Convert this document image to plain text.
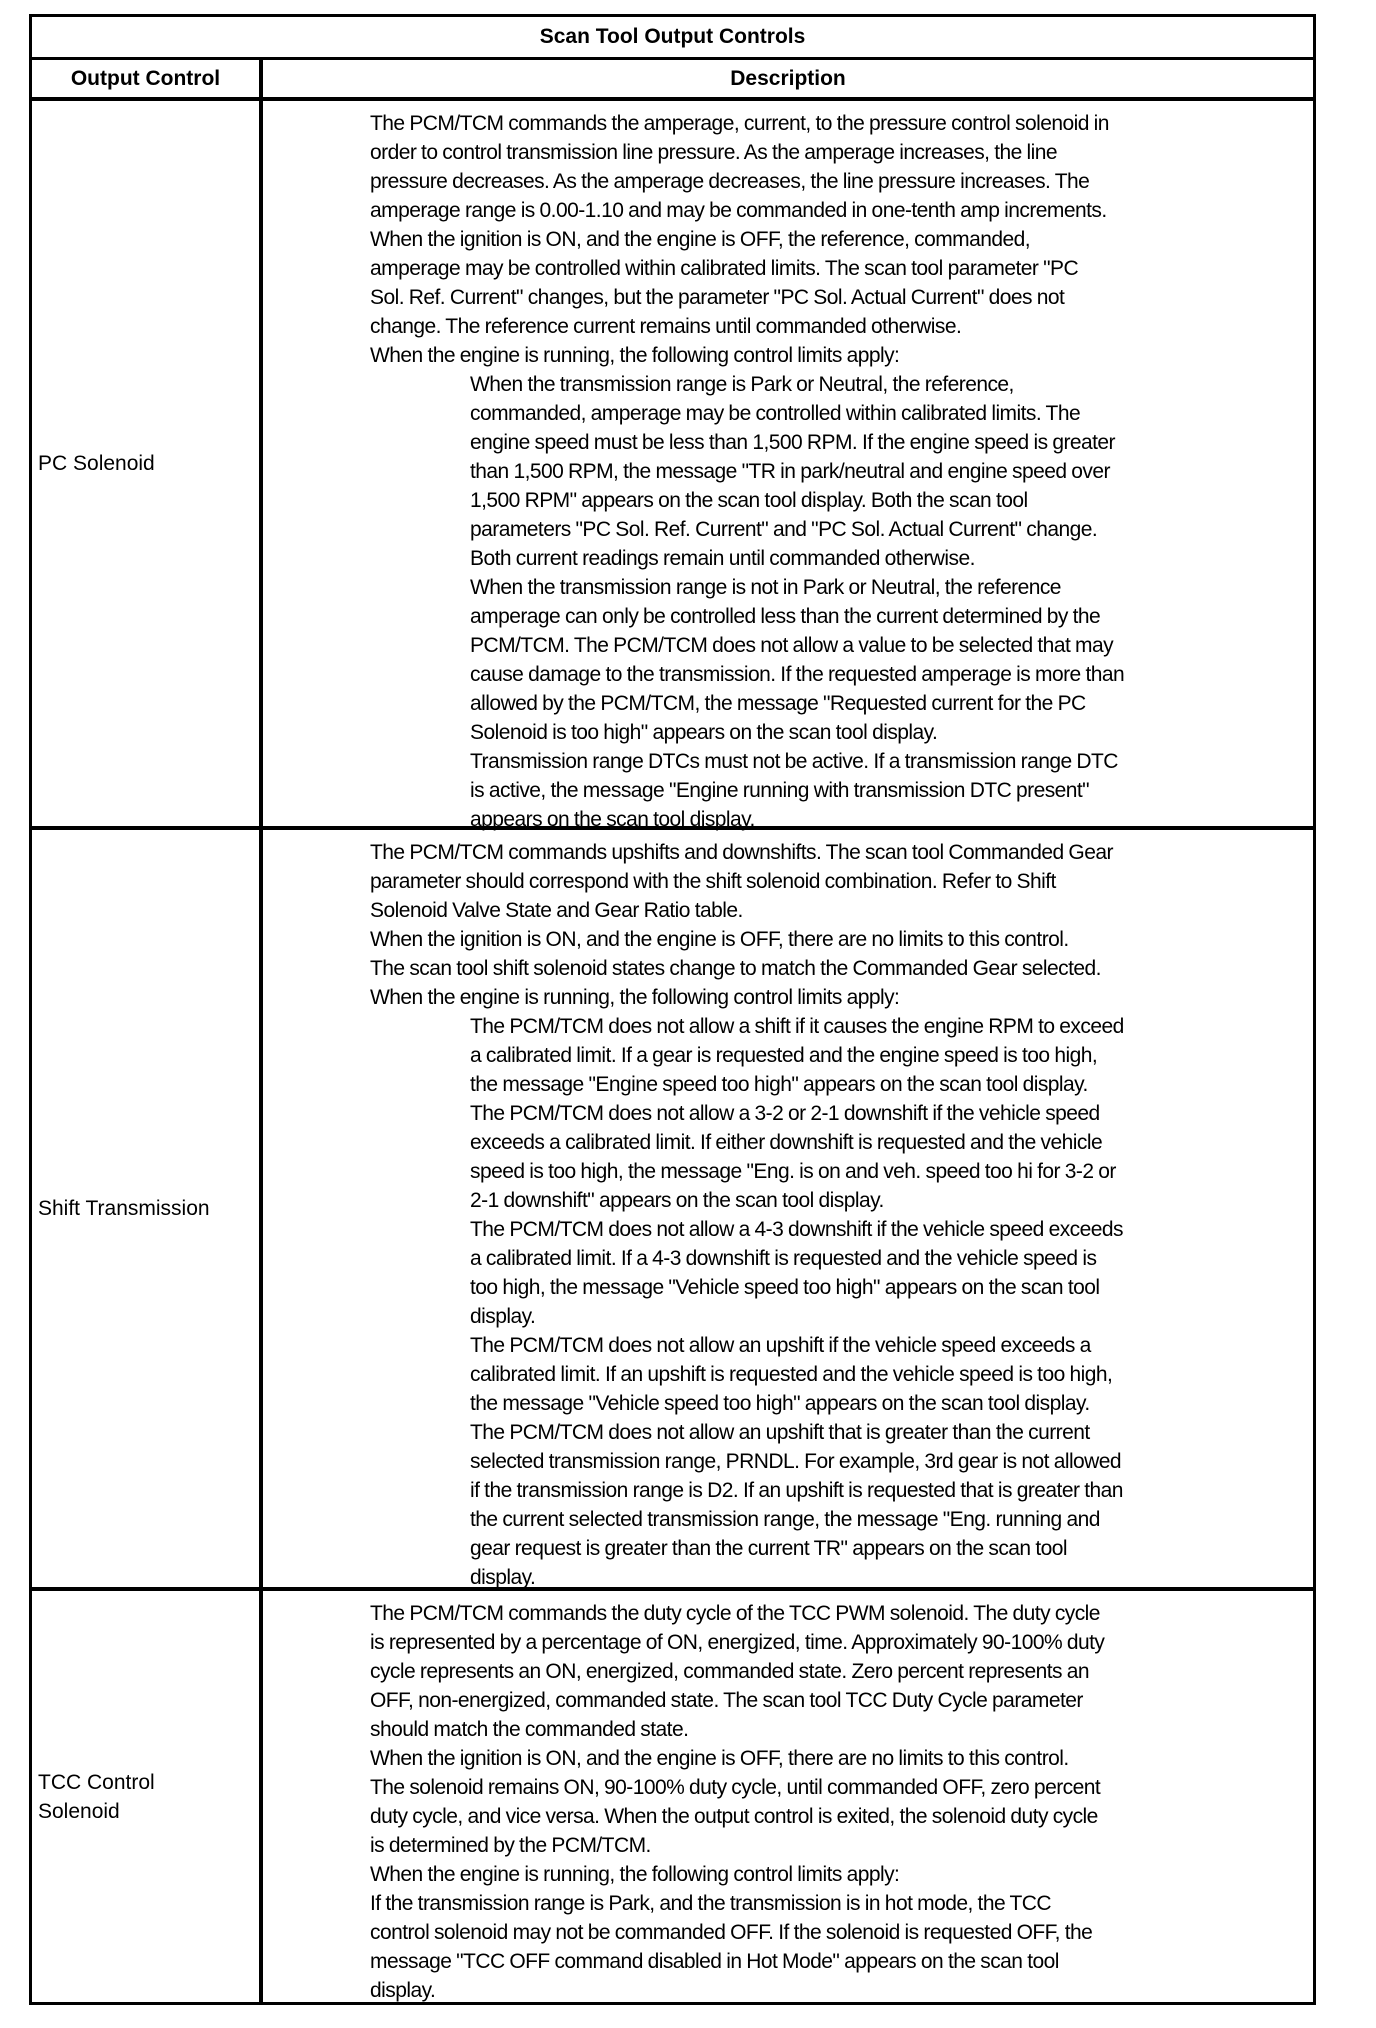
Scan Tool Output Controls
Output Control	Description
PC Solenoid
The PCM/TCM commands the amperage, current, to the pressure control solenoid in
order to control transmission line pressure. As the amperage increases, the line
pressure decreases. As the amperage decreases, the line pressure increases. The
amperage range is 0.00-1.10 and may be commanded in one-tenth amp increments.
When the ignition is ON, and the engine is OFF, the reference, commanded,
amperage may be controlled within calibrated limits. The scan tool parameter "PC
Sol. Ref. Current" changes, but the parameter "PC Sol. Actual Current" does not
change. The reference current remains until commanded otherwise.
When the engine is running, the following control limits apply:
When the transmission range is Park or Neutral, the reference,
commanded, amperage may be controlled within calibrated limits. The
engine speed must be less than 1,500 RPM. If the engine speed is greater
than 1,500 RPM, the message "TR in park/neutral and engine speed over
1,500 RPM" appears on the scan tool display. Both the scan tool
parameters "PC Sol. Ref. Current" and "PC Sol. Actual Current" change.
Both current readings remain until commanded otherwise.
When the transmission range is not in Park or Neutral, the reference
amperage can only be controlled less than the current determined by the
PCM/TCM. The PCM/TCM does not allow a value to be selected that may
cause damage to the transmission. If the requested amperage is more than
allowed by the PCM/TCM, the message "Requested current for the PC
Solenoid is too high" appears on the scan tool display.
Transmission range DTCs must not be active. If a transmission range DTC
is active, the message "Engine running with transmission DTC present"
appears on the scan tool display.
Shift Transmission
The PCM/TCM commands upshifts and downshifts. The scan tool Commanded Gear
parameter should correspond with the shift solenoid combination. Refer to Shift
Solenoid Valve State and Gear Ratio table.
When the ignition is ON, and the engine is OFF, there are no limits to this control.
The scan tool shift solenoid states change to match the Commanded Gear selected.
When the engine is running, the following control limits apply:
The PCM/TCM does not allow a shift if it causes the engine RPM to exceed
a calibrated limit. If a gear is requested and the engine speed is too high,
the message "Engine speed too high" appears on the scan tool display.
The PCM/TCM does not allow a 3-2 or 2-1 downshift if the vehicle speed
exceeds a calibrated limit. If either downshift is requested and the vehicle
speed is too high, the message "Eng. is on and veh. speed too hi for 3-2 or
2-1 downshift" appears on the scan tool display.
The PCM/TCM does not allow a 4-3 downshift if the vehicle speed exceeds
a calibrated limit. If a 4-3 downshift is requested and the vehicle speed is
too high, the message "Vehicle speed too high" appears on the scan tool
display.
The PCM/TCM does not allow an upshift if the vehicle speed exceeds a
calibrated limit. If an upshift is requested and the vehicle speed is too high,
the message "Vehicle speed too high" appears on the scan tool display.
The PCM/TCM does not allow an upshift that is greater than the current
selected transmission range, PRNDL. For example, 3rd gear is not allowed
if the transmission range is D2. If an upshift is requested that is greater than
the current selected transmission range, the message "Eng. running and
gear request is greater than the current TR" appears on the scan tool
display.
TCC Control Solenoid
The PCM/TCM commands the duty cycle of the TCC PWM solenoid. The duty cycle
is represented by a percentage of ON, energized, time. Approximately 90-100% duty
cycle represents an ON, energized, commanded state. Zero percent represents an
OFF, non-energized, commanded state. The scan tool TCC Duty Cycle parameter
should match the commanded state.
When the ignition is ON, and the engine is OFF, there are no limits to this control.
The solenoid remains ON, 90-100% duty cycle, until commanded OFF, zero percent
duty cycle, and vice versa. When the output control is exited, the solenoid duty cycle
is determined by the PCM/TCM.
When the engine is running, the following control limits apply:
If the transmission range is Park, and the transmission is in hot mode, the TCC
control solenoid may not be commanded OFF. If the solenoid is requested OFF, the
message "TCC OFF command disabled in Hot Mode" appears on the scan tool
display.
